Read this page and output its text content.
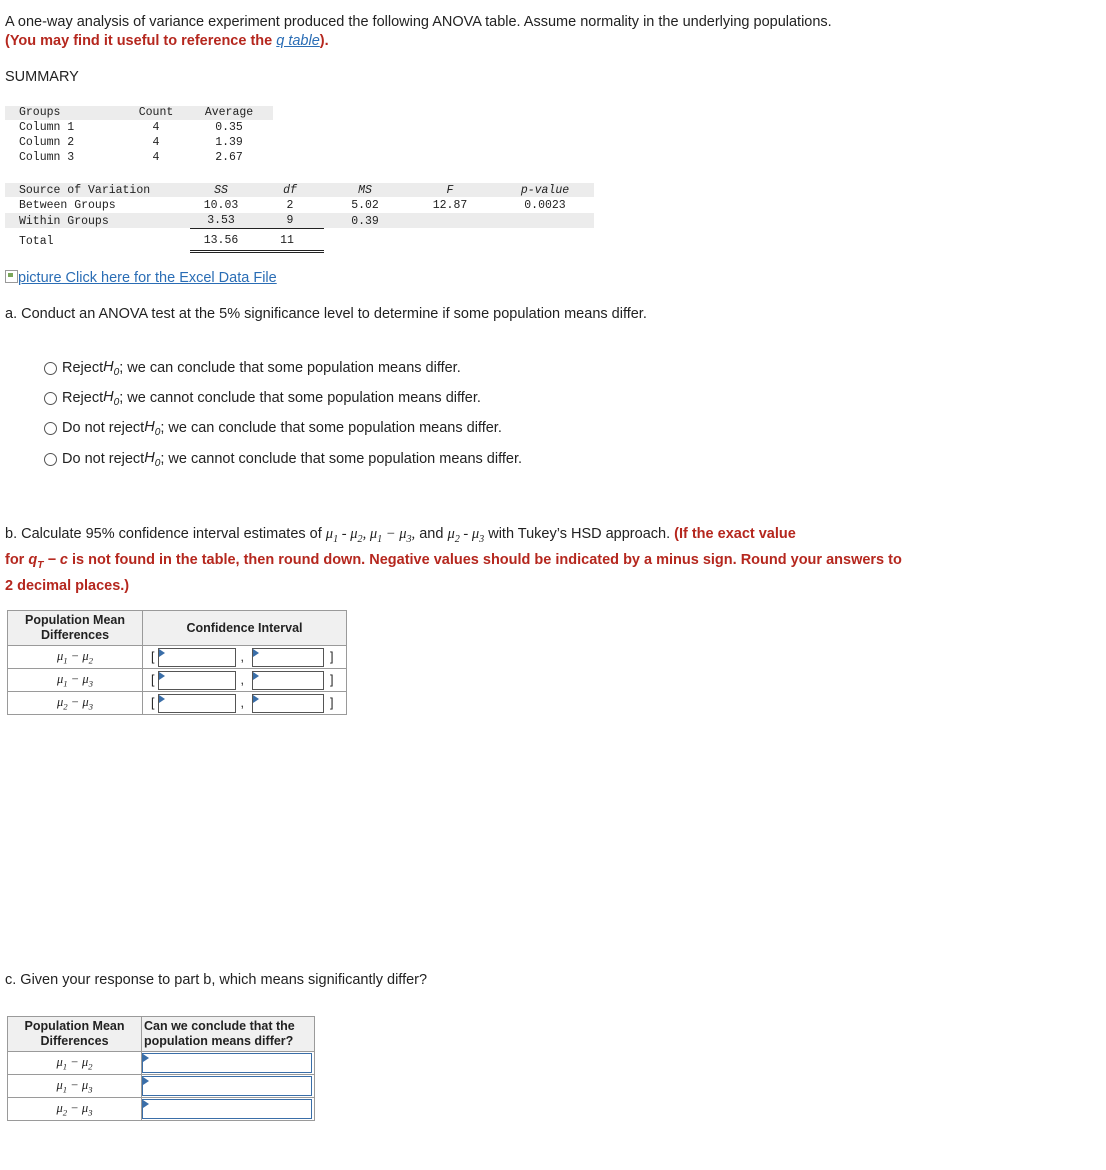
A one-way analysis of variance experiment produced the following ANOVA table. Assume normality in the underlying populations.
(You may find it useful to reference the q table).
SUMMARY
Groups	Count	Average
Column 1	4	0.35
Column 2	4	1.39
Column 3	4	2.67
Source of Variation	SS	df	MS	F	p-value
Between Groups	10.03	2	5.02	12.87	0.0023
Within Groups	3.53	9	0.39
Total	13.56	11
picture Click here for the Excel Data File
a. Conduct an ANOVA test at the 5% significance level to determine if some population means differ.
Reject $H_0$ ; we can conclude that some population means differ.
Reject $H_0$ ; we cannot conclude that some population means differ.
Do not reject $H_0$ ; we can conclude that some population means differ.
Do not reject $H_0$ ; we cannot conclude that some population means differ.
b. Calculate 95% confidence interval estimates of $\mu_1 - \mu_2$, $\mu_1 - \mu_3$, and $\mu_2 - \mu_3$ with Tukey’s HSD approach. (If the exact value
for $q_T - c$ is not found in the table, then round down. Negative values should be indicated by a minus sign. Round your answers to
2 decimal places.)
Population Mean Differences	Confidence Interval
$\mu_1 - \mu_2$	[ , ]

$\mu_1 - \mu_3$	[ , ]

$\mu_2 - \mu_3$	[ , ]
c. Given your response to part b, which means significantly differ?
Population Mean Differences	Can we conclude that the population means differ?
$\mu_1 - \mu_2$	

$\mu_1 - \mu_3$	

$\mu_2 - \mu_3$	
